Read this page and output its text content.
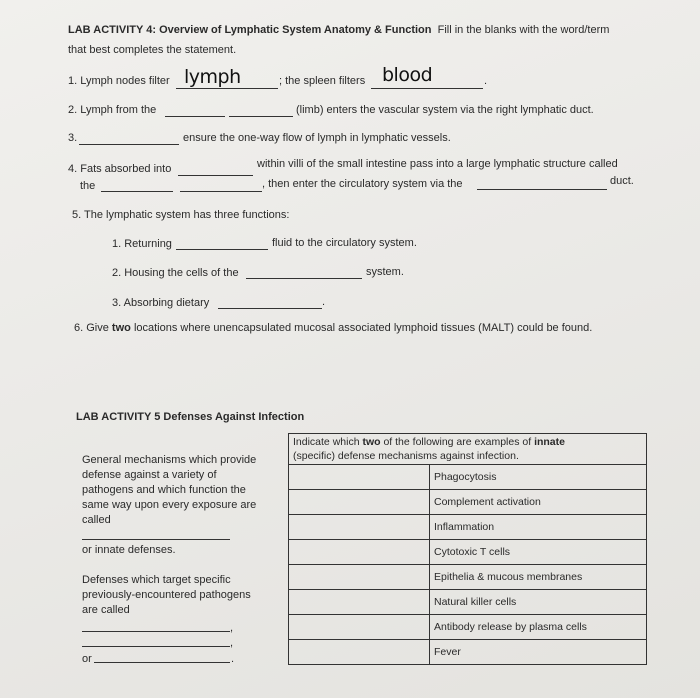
LAB ACTIVITY 4: Overview of Lymphatic System Anatomy & Function Fill in the blanks with the word/term
that best completes the statement.
1. Lymph nodes filter lymph	; the spleen filters blood	.
2. Lymph from the	(limb) enters the vascular system via the right lymphatic duct.
3.	ensure the one-way flow of lymph in lymphatic vessels.
4. Fats absorbed into	within villi of the small intestine pass into a large lymphatic structure called
the	, then enter the circulatory system via the	duct.
5. The lymphatic system has three functions:
1. Returning	fluid to the circulatory system.
2. Housing the cells of the	system.
3. Absorbing dietary	.
6. Give two locations where unencapsulated mucosal associated lymphoid tissues (MALT) could be found.
LAB ACTIVITY 5 Defenses Against Infection
General mechanisms which provide defense against a variety of pathogens and which function the same way upon every exposure are called
or innate defenses.
Defenses which target specific previously-encountered pathogens are called
,
,
or	.
Indicate which two of the following are examples of innate
(specific) defense mechanisms against infection.	
	Phagocytosis
	Complement activation
	Inflammation
	Cytotoxic T cells
	Epithelia & mucous membranes
	Natural killer cells
	Antibody release by plasma cells
	Fever
